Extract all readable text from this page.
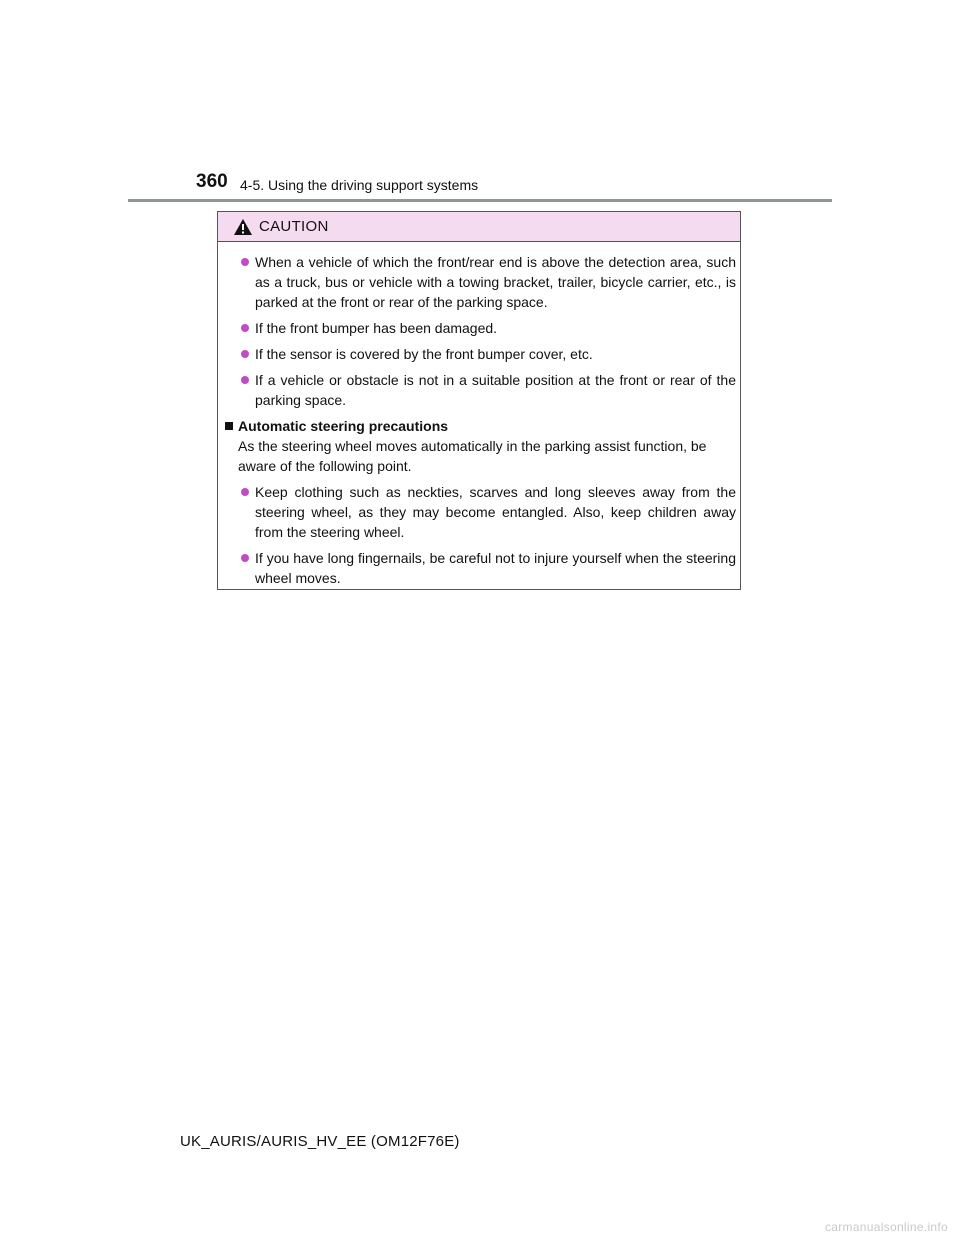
360 4-5. Using the driving support systems
CAUTION
When a vehicle of which the front/rear end is above the detection area, such as a truck, bus or vehicle with a towing bracket, trailer, bicycle carrier, etc., is parked at the front or rear of the parking space.
If the front bumper has been damaged.
If the sensor is covered by the front bumper cover, etc.
If a vehicle or obstacle is not in a suitable position at the front or rear of the parking space.
Automatic steering precautions
As the steering wheel moves automatically in the parking assist function, be aware of the following point.
Keep clothing such as neckties, scarves and long sleeves away from the steering wheel, as they may become entangled. Also, keep children away from the steering wheel.
If you have long fingernails, be careful not to injure yourself when the steering wheel moves.
UK_AURIS/AURIS_HV_EE (OM12F76E)
carmanualsonline.info
